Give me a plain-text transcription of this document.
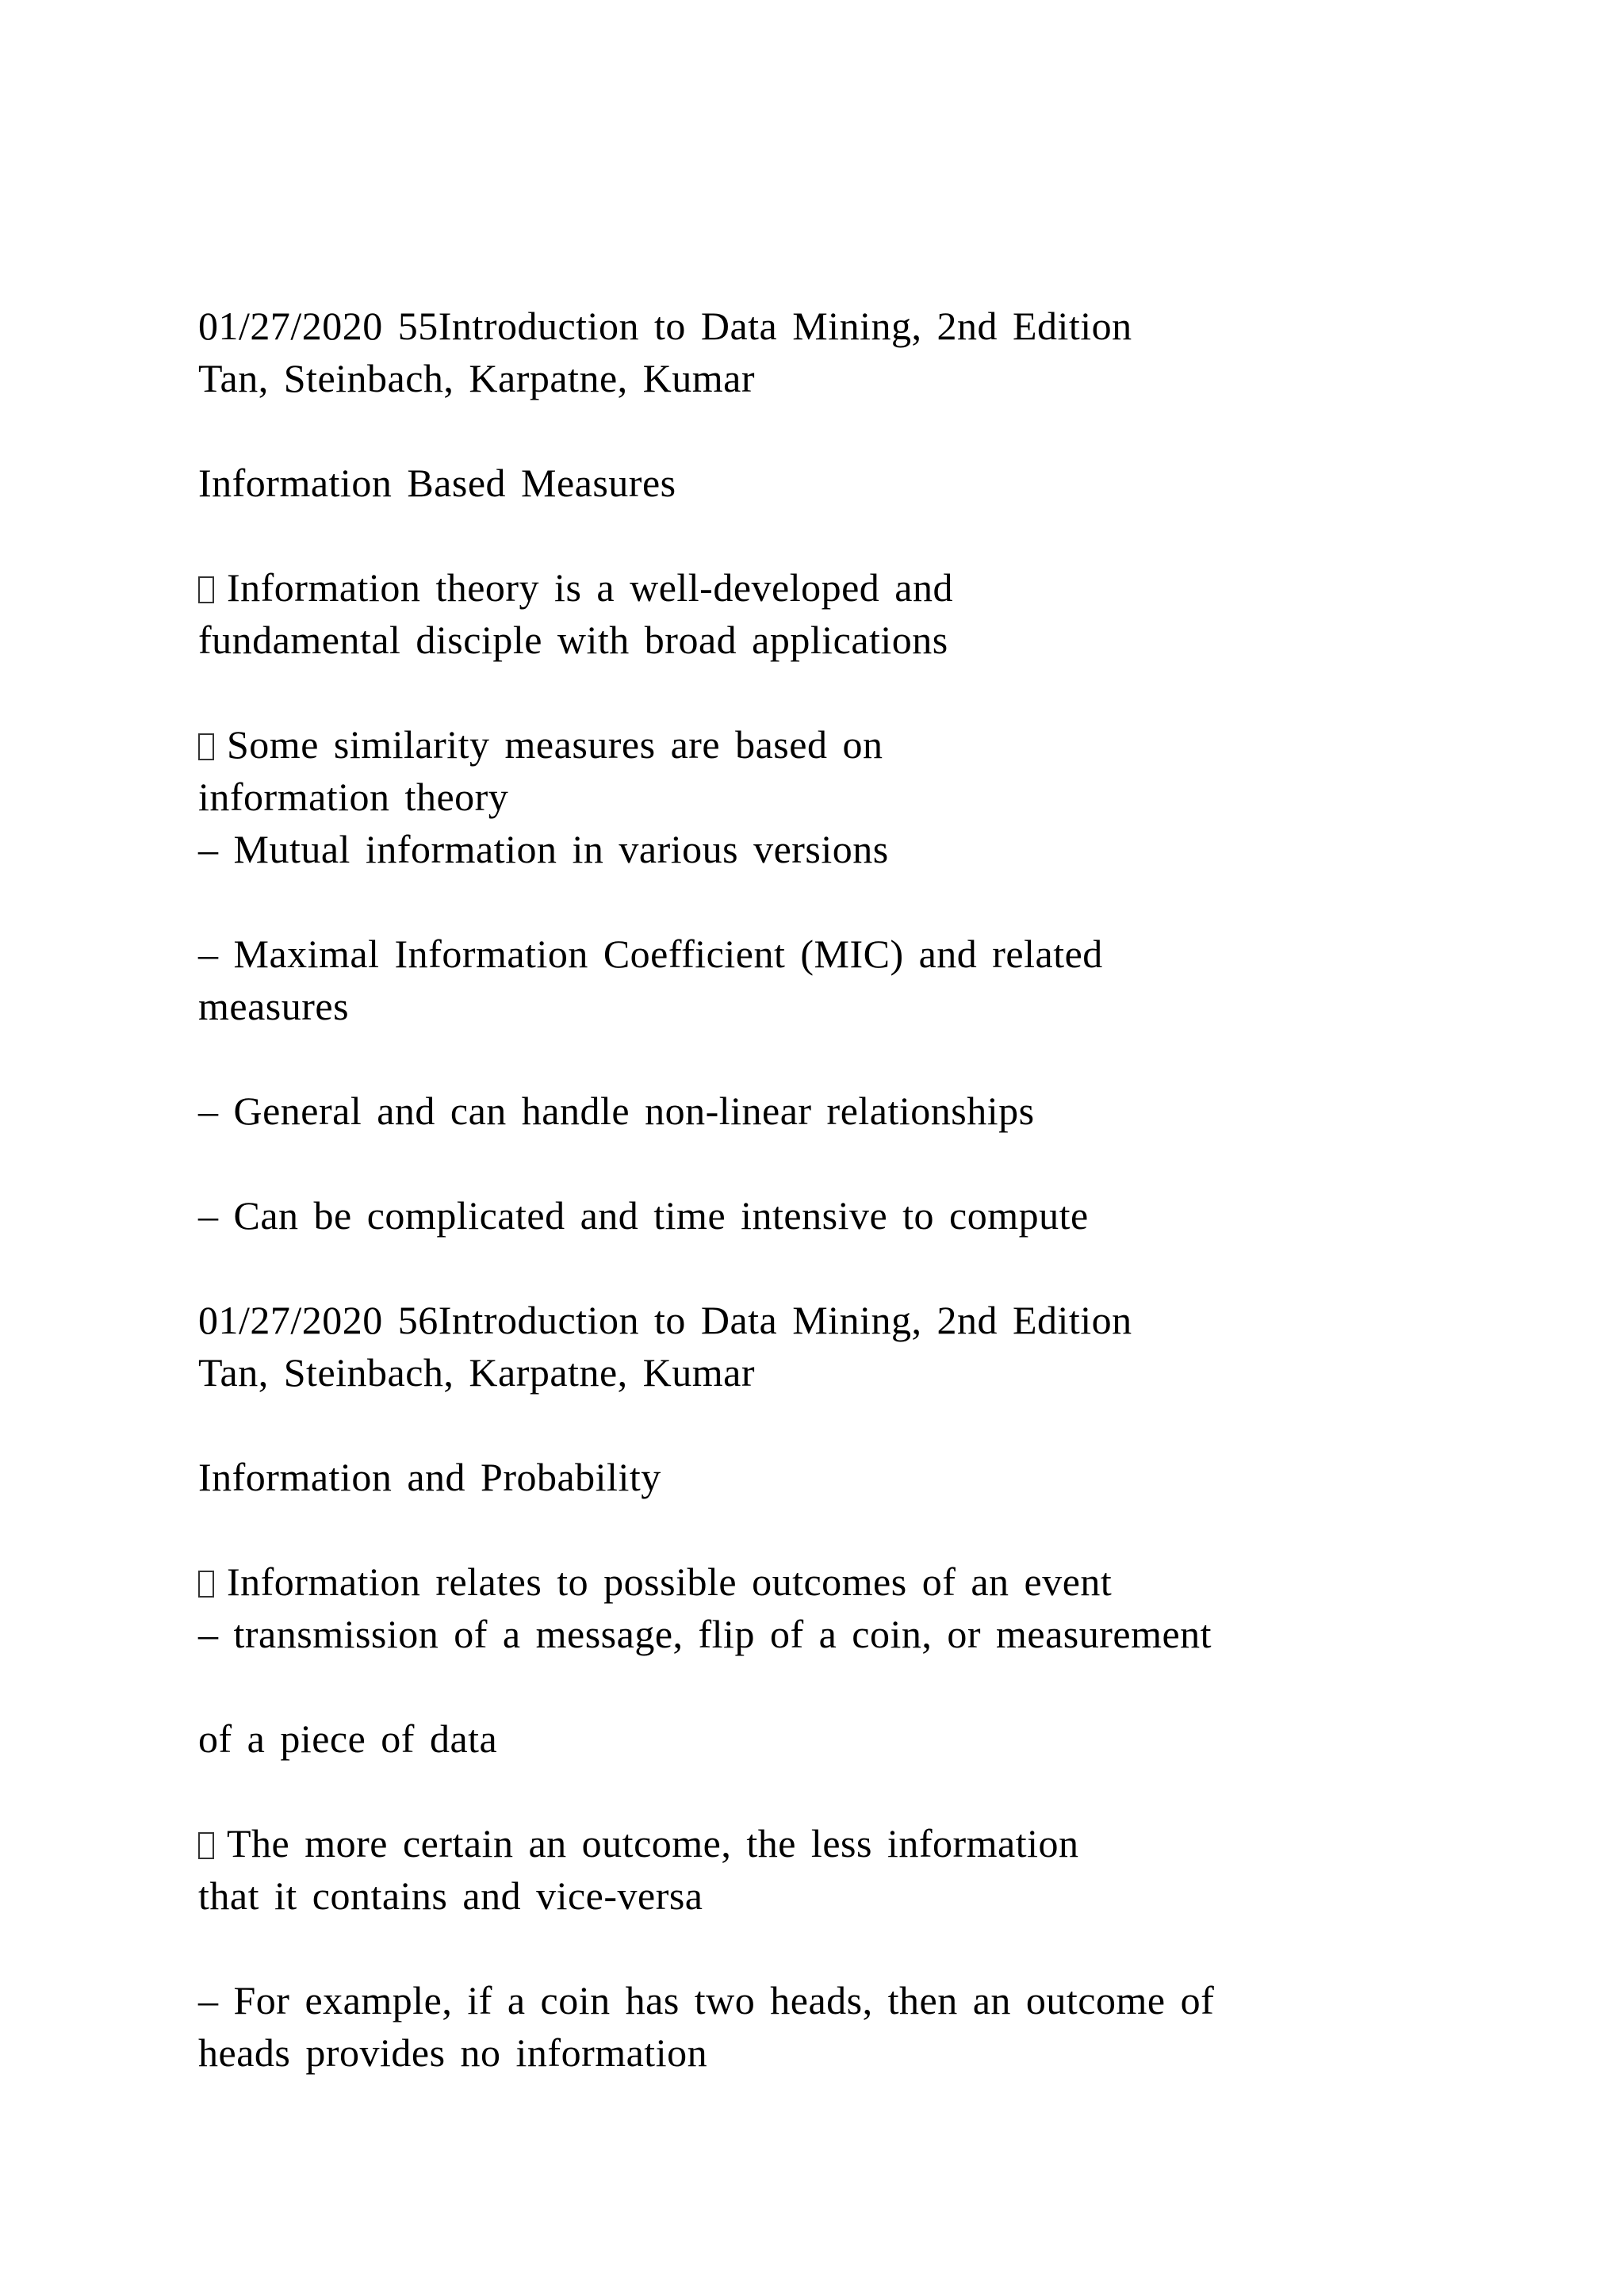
01/27/2020 55Introduction to Data Mining, 2nd Edition
Tan, Steinbach, Karpatne, Kumar
Information Based Measures
Information theory is a well-developed and
fundamental disciple with broad applications
Some similarity measures are based on
information theory
– Mutual information in various versions
– Maximal Information Coefficient (MIC) and related
measures
– General and can handle non-linear relationships
– Can be complicated and time intensive to compute
01/27/2020 56Introduction to Data Mining, 2nd Edition
Tan, Steinbach, Karpatne, Kumar
Information and Probability
Information relates to possible outcomes of an event
– transmission of a message, flip of a coin, or measurement
of a piece of data
The more certain an outcome, the less information
that it contains and vice-versa
– For example, if a coin has two heads, then an outcome of
heads provides no information
